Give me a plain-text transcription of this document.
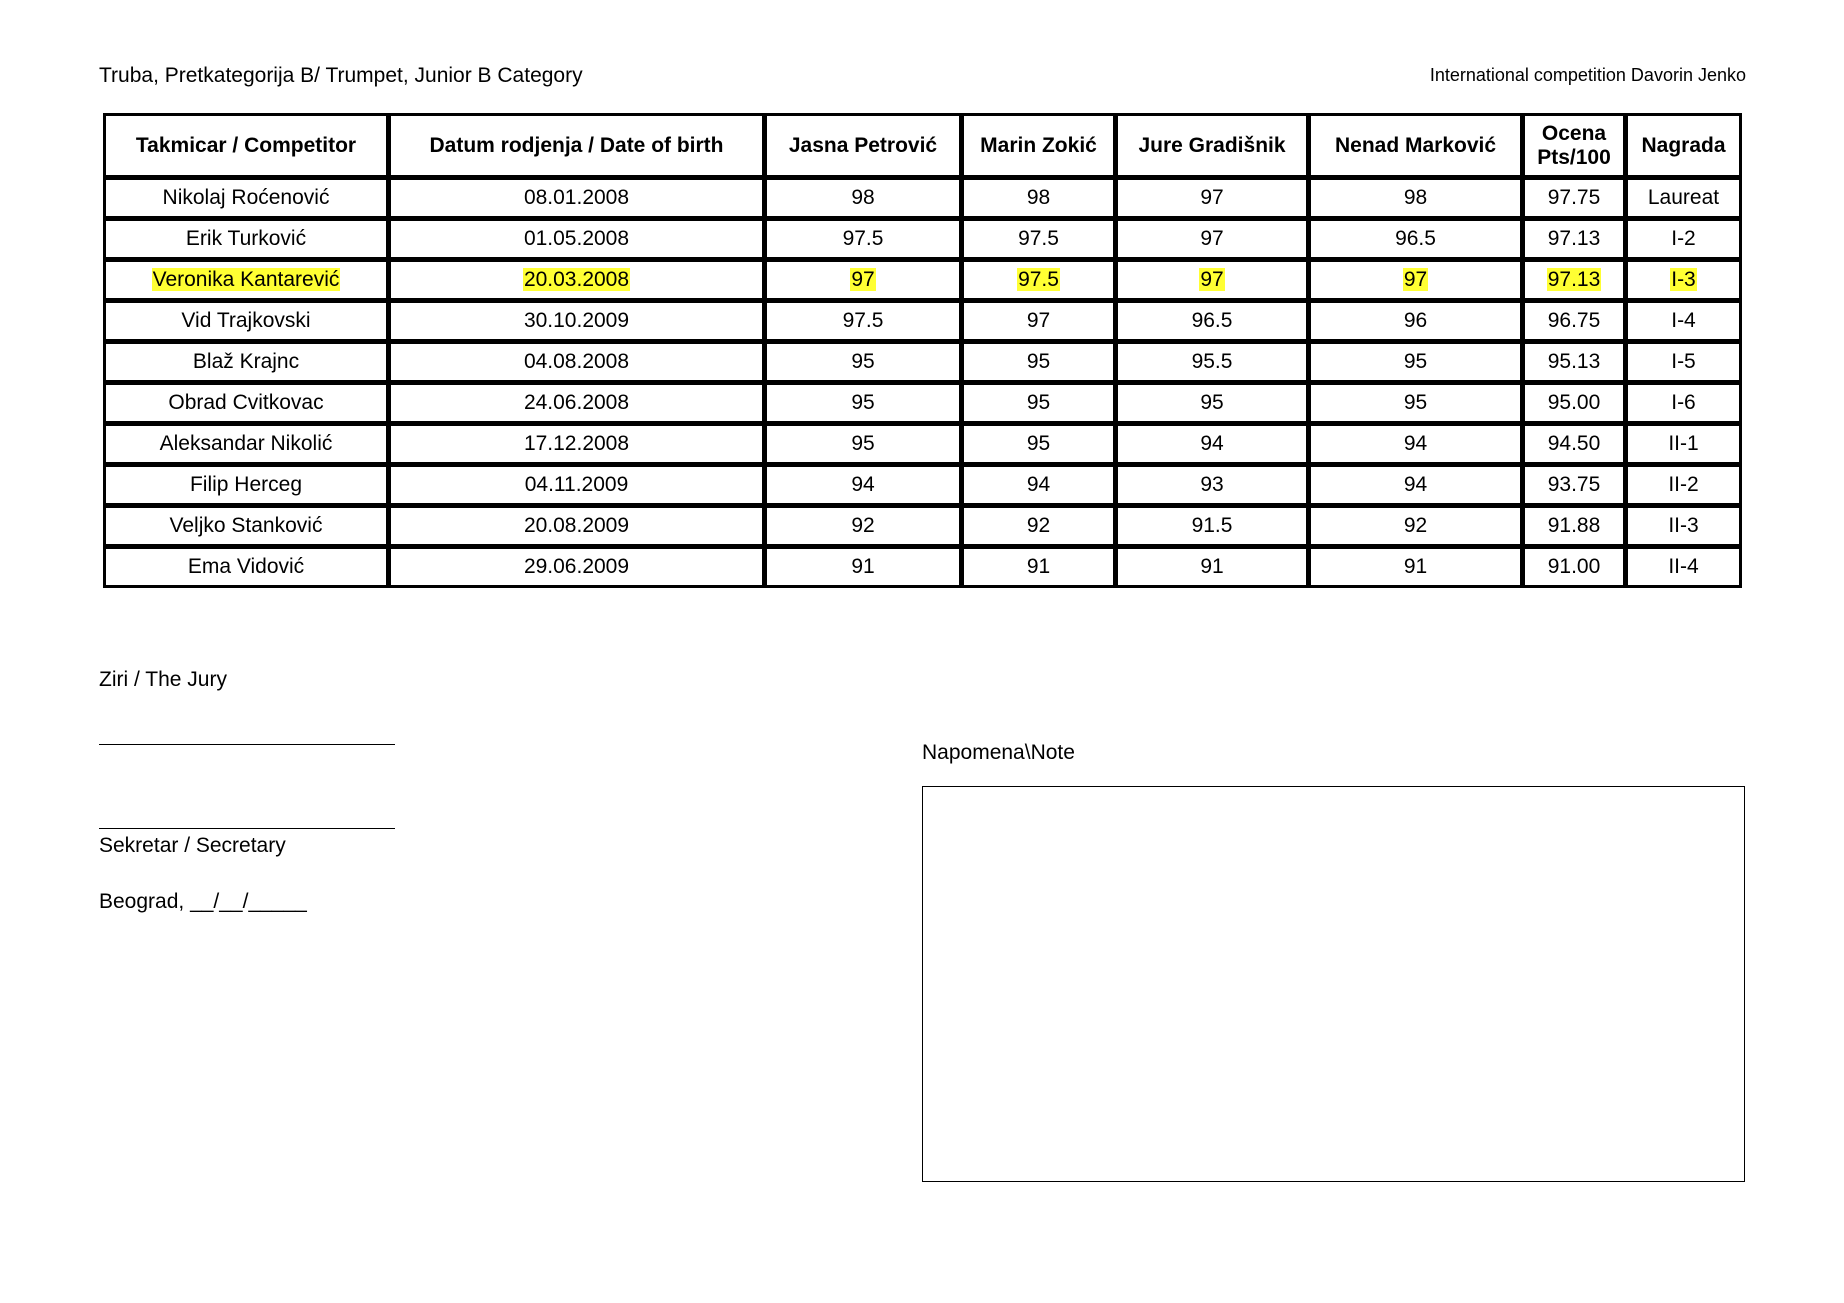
Truba, Pretkategorija B/ Trumpet, Junior B Category	International competition Davorin Jenko
Takmicar / Competitor	Datum rodjenja / Date of birth	Jasna Petrović	Marin Zokić	Jure Gradišnik	Nenad Marković	Ocena Pts/100	Nagrada
Nikolaj Roćenović	08.01.2008	98	98	97	98	97.75	Laureat
Erik Turković	01.05.2008	97.5	97.5	97	96.5	97.13	I-2
Veronika Kantarević	20.03.2008	97	97.5	97	97	97.13	I-3
Vid Trajkovski	30.10.2009	97.5	97	96.5	96	96.75	I-4
Blaž Krajnc	04.08.2008	95	95	95.5	95	95.13	I-5
Obrad Cvitkovac	24.06.2008	95	95	95	95	95.00	I-6
Aleksandar Nikolić	17.12.2008	95	95	94	94	94.50	II-1
Filip Herceg	04.11.2009	94	94	93	94	93.75	II-2
Veljko Stanković	20.08.2009	92	92	91.5	92	91.88	II-3
Ema Vidović	29.06.2009	91	91	91	91	91.00	II-4
Ziri / The Jury
Sekretar / Secretary
Beograd, __/__/_____
Napomena\Note
